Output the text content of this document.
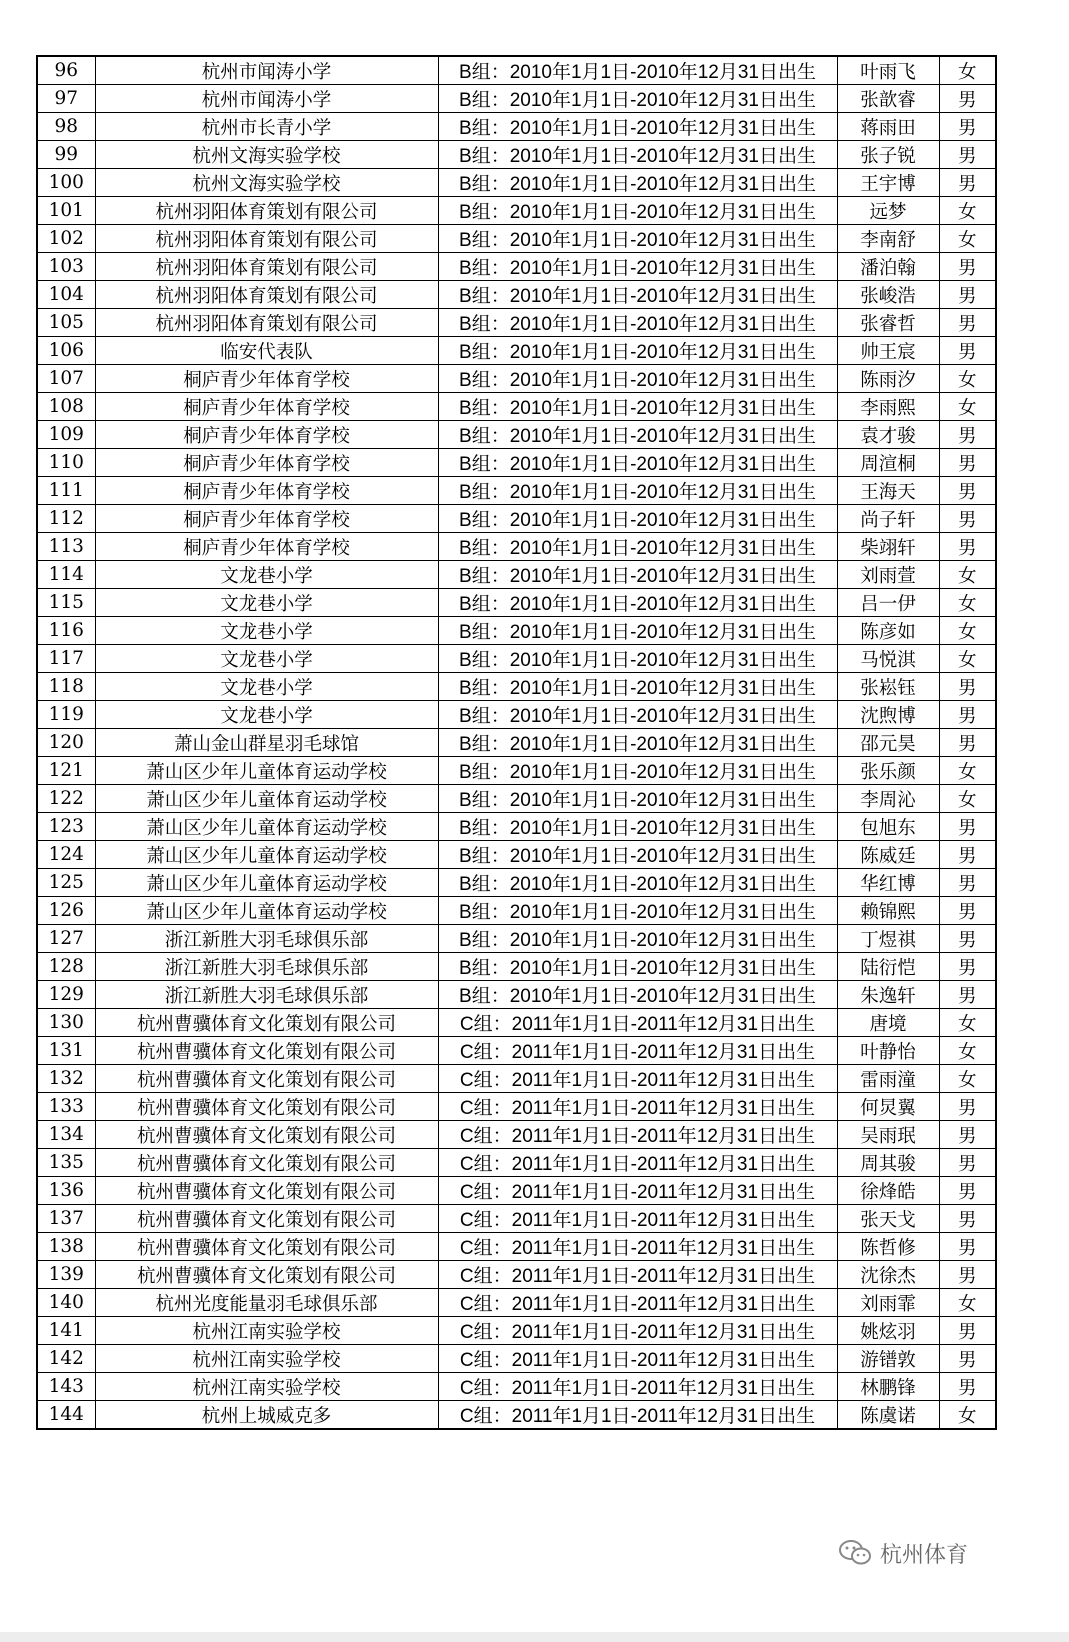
96	杭州市闻涛小学	B组：2010年1月1日-2010年12月31日出生	叶雨飞	女
97	杭州市闻涛小学	B组：2010年1月1日-2010年12月31日出生	张歆睿	男
98	杭州市长青小学	B组：2010年1月1日-2010年12月31日出生	蒋雨田	男
99	杭州文海实验学校	B组：2010年1月1日-2010年12月31日出生	张子锐	男
100	杭州文海实验学校	B组：2010年1月1日-2010年12月31日出生	王宇博	男
101	杭州羽阳体育策划有限公司	B组：2010年1月1日-2010年12月31日出生	远梦	女
102	杭州羽阳体育策划有限公司	B组：2010年1月1日-2010年12月31日出生	李南舒	女
103	杭州羽阳体育策划有限公司	B组：2010年1月1日-2010年12月31日出生	潘泊翰	男
104	杭州羽阳体育策划有限公司	B组：2010年1月1日-2010年12月31日出生	张峻浩	男
105	杭州羽阳体育策划有限公司	B组：2010年1月1日-2010年12月31日出生	张睿哲	男
106	临安代表队	B组：2010年1月1日-2010年12月31日出生	帅王宸	男
107	桐庐青少年体育学校	B组：2010年1月1日-2010年12月31日出生	陈雨汐	女
108	桐庐青少年体育学校	B组：2010年1月1日-2010年12月31日出生	李雨熙	女
109	桐庐青少年体育学校	B组：2010年1月1日-2010年12月31日出生	袁才骏	男
110	桐庐青少年体育学校	B组：2010年1月1日-2010年12月31日出生	周渲桐	男
111	桐庐青少年体育学校	B组：2010年1月1日-2010年12月31日出生	王海天	男
112	桐庐青少年体育学校	B组：2010年1月1日-2010年12月31日出生	尚子轩	男
113	桐庐青少年体育学校	B组：2010年1月1日-2010年12月31日出生	柴翊轩	男
114	文龙巷小学	B组：2010年1月1日-2010年12月31日出生	刘雨萱	女
115	文龙巷小学	B组：2010年1月1日-2010年12月31日出生	吕一伊	女
116	文龙巷小学	B组：2010年1月1日-2010年12月31日出生	陈彦如	女
117	文龙巷小学	B组：2010年1月1日-2010年12月31日出生	马悦淇	女
118	文龙巷小学	B组：2010年1月1日-2010年12月31日出生	张崧钰	男
119	文龙巷小学	B组：2010年1月1日-2010年12月31日出生	沈煦博	男
120	萧山金山群星羽毛球馆	B组：2010年1月1日-2010年12月31日出生	邵元昊	男
121	萧山区少年儿童体育运动学校	B组：2010年1月1日-2010年12月31日出生	张乐颜	女
122	萧山区少年儿童体育运动学校	B组：2010年1月1日-2010年12月31日出生	李周沁	女
123	萧山区少年儿童体育运动学校	B组：2010年1月1日-2010年12月31日出生	包旭东	男
124	萧山区少年儿童体育运动学校	B组：2010年1月1日-2010年12月31日出生	陈威廷	男
125	萧山区少年儿童体育运动学校	B组：2010年1月1日-2010年12月31日出生	华红博	男
126	萧山区少年儿童体育运动学校	B组：2010年1月1日-2010年12月31日出生	赖锦熙	男
127	浙江新胜大羽毛球俱乐部	B组：2010年1月1日-2010年12月31日出生	丁煜祺	男
128	浙江新胜大羽毛球俱乐部	B组：2010年1月1日-2010年12月31日出生	陆衍恺	男
129	浙江新胜大羽毛球俱乐部	B组：2010年1月1日-2010年12月31日出生	朱逸轩	男
130	杭州曹骥体育文化策划有限公司	C组：2011年1月1日-2011年12月31日出生	唐境	女
131	杭州曹骥体育文化策划有限公司	C组：2011年1月1日-2011年12月31日出生	叶静怡	女
132	杭州曹骥体育文化策划有限公司	C组：2011年1月1日-2011年12月31日出生	雷雨潼	女
133	杭州曹骥体育文化策划有限公司	C组：2011年1月1日-2011年12月31日出生	何炅翼	男
134	杭州曹骥体育文化策划有限公司	C组：2011年1月1日-2011年12月31日出生	吴雨珉	男
135	杭州曹骥体育文化策划有限公司	C组：2011年1月1日-2011年12月31日出生	周其骏	男
136	杭州曹骥体育文化策划有限公司	C组：2011年1月1日-2011年12月31日出生	徐烽皓	男
137	杭州曹骥体育文化策划有限公司	C组：2011年1月1日-2011年12月31日出生	张天戈	男
138	杭州曹骥体育文化策划有限公司	C组：2011年1月1日-2011年12月31日出生	陈哲修	男
139	杭州曹骥体育文化策划有限公司	C组：2011年1月1日-2011年12月31日出生	沈徐杰	男
140	杭州光度能量羽毛球俱乐部	C组：2011年1月1日-2011年12月31日出生	刘雨霏	女
141	杭州江南实验学校	C组：2011年1月1日-2011年12月31日出生	姚炫羽	男
142	杭州江南实验学校	C组：2011年1月1日-2011年12月31日出生	游镨敦	男
143	杭州江南实验学校	C组：2011年1月1日-2011年12月31日出生	林鹏锋	男
144	杭州上城威克多	C组：2011年1月1日-2011年12月31日出生	陈虞诺	女
杭州体育
